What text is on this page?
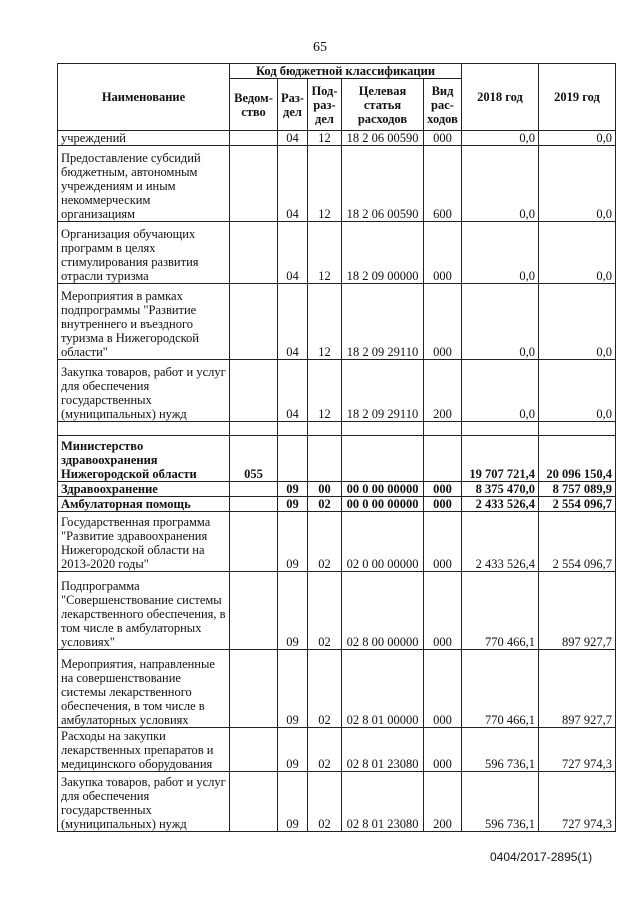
65
Наименование	Код бюджетной классификации					2018 год	2019 год
	Ведом-ство	Раз-дел	Под-раз-дел	Целевая статья расходов	Вид рас-ходов		
учреждений		04	12	18 2 06 00590	000	0,0	0,0
Предоставление субсидий бюджетным, автономным учреждениям и иным некоммерческим организациям		04	12	18 2 06 00590	600	0,0	0,0
Организация обучающих программ в целях стимулирования развития отрасли туризма		04	12	18 2 09 00000	000	0,0	0,0
Мероприятия в рамках подпрограммы "Развитие внутреннего и въездного туризма в Нижегородской области"		04	12	18 2 09 29110	000	0,0	0,0
Закупка товаров, работ и услуг для обеспечения государственных (муниципальных) нужд		04	12	18 2 09 29110	200	0,0	0,0

Министерство здравоохранения Нижегородской области	055					19 707 721,4	20 096 150,4
Здравоохранение		09	00	00 0 00 00000	000	8 375 470,0	8 757 089,9
Амбулаторная помощь		09	02	00 0 00 00000	000	2 433 526,4	2 554 096,7
Государственная программа "Развитие здравоохранения Нижегородской области на 2013-2020 годы"		09	02	02 0 00 00000	000	2 433 526,4	2 554 096,7
Подпрограмма "Совершенствование системы лекарственного обеспечения, в том числе в амбулаторных условиях"		09	02	02 8 00 00000	000	770 466,1	897 927,7
Мероприятия, направленные на совершенствование системы лекарственного обеспечения, в том числе в амбулаторных условиях		09	02	02 8 01 00000	000	770 466,1	897 927,7
Расходы на закупки лекарственных препаратов и медицинского оборудования		09	02	02 8 01 23080	000	596 736,1	727 974,3
Закупка товаров, работ и услуг для обеспечения государственных (муниципальных) нужд		09	02	02 8 01 23080	200	596 736,1	727 974,3
0404/2017-2895(1)
